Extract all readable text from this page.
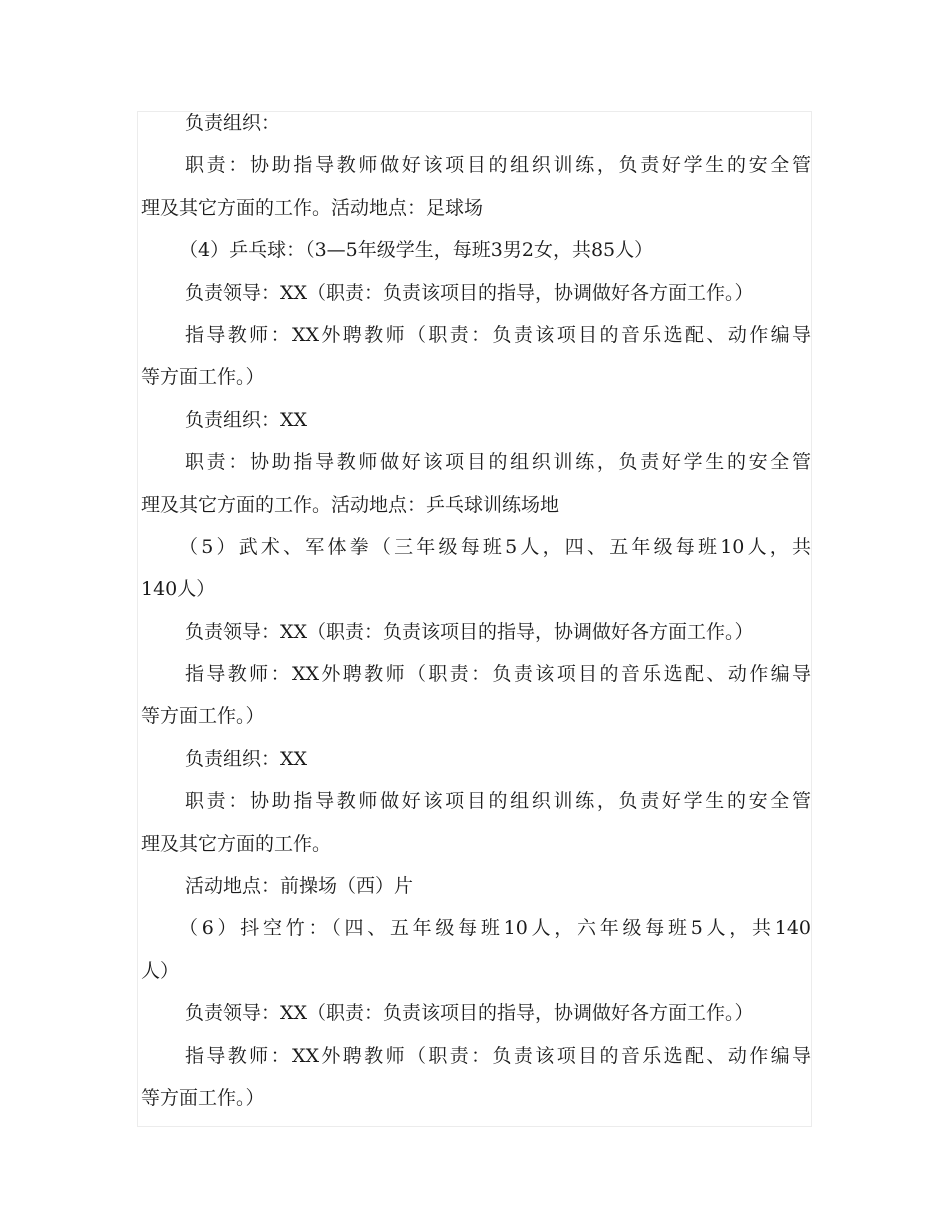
负责组织：
职责：协助指导教师做好该项目的组织训练，负责好学生的安全管
理及其它方面的工作。活动地点：足球场
（4）乒乓球：（3—5年级学生，每班3男2女，共85人）
负责领导：XX（职责：负责该项目的指导，协调做好各方面工作。）
指导教师：XX外聘教师（职责：负责该项目的音乐选配、动作编导
等方面工作。）
负责组织：XX
职责：协助指导教师做好该项目的组织训练，负责好学生的安全管
理及其它方面的工作。活动地点：乒乓球训练场地
（5）武术、军体拳（三年级每班5人，四、五年级每班10人，共
140人）
负责领导：XX（职责：负责该项目的指导，协调做好各方面工作。）
指导教师：XX外聘教师（职责：负责该项目的音乐选配、动作编导
等方面工作。）
负责组织：XX
职责：协助指导教师做好该项目的组织训练，负责好学生的安全管
理及其它方面的工作。
活动地点：前操场（西）片
（6）抖空竹：（四、五年级每班10人，六年级每班5人，共140
人）
负责领导：XX（职责：负责该项目的指导，协调做好各方面工作。）
指导教师：XX外聘教师（职责：负责该项目的音乐选配、动作编导
等方面工作。）
